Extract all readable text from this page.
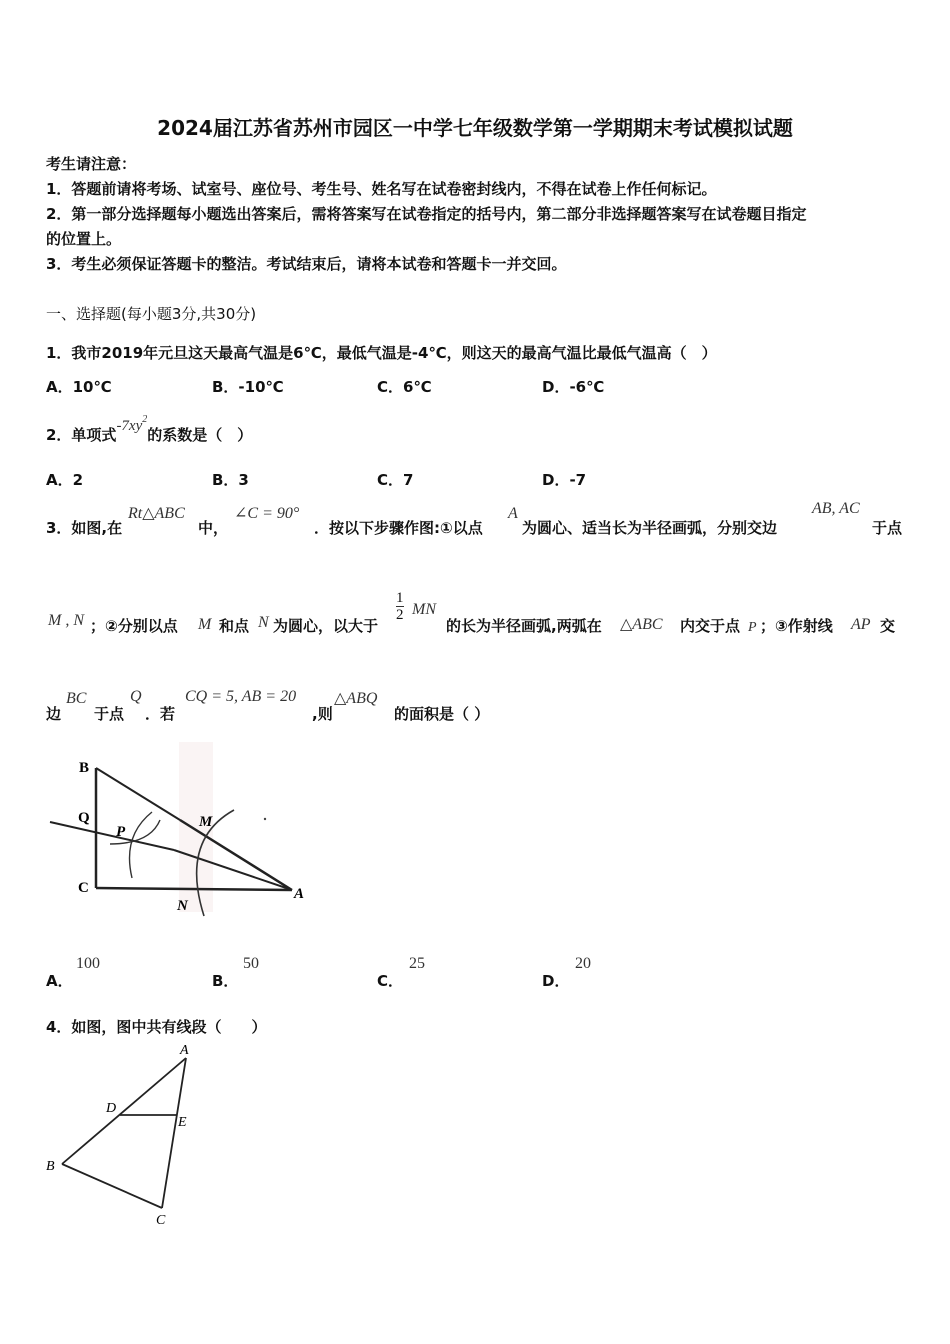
2024届江苏省苏州市园区一中学七年级数学第一学期期末考试模拟试题
考生请注意：
1．答题前请将考场、试室号、座位号、考生号、姓名写在试卷密封线内，不得在试卷上作任何标记。
2．第一部分选择题每小题选出答案后，需将答案写在试卷指定的括号内，第二部分非选择题答案写在试卷题目指定
的位置上。
3．考生必须保证答题卡的整洁。考试结束后，请将本试卷和答题卡一并交回。
一、选择题(每小题3分,共30分)
1．我市2019年元旦这天最高气温是6℃，最低气温是-4℃，则这天的最高气温比最低气温高（　）
A．10℃	B．-10℃	C．6℃	D．-6℃
2．单项式$-7xy^2$的系数是（　）
A．2	B．3	C．7	D．-7
3．如图,在
Rt△ABC
中，
∠C = 90°
．按以下步骤作图:①以点
A
为圆心、适当长为半径画弧，分别交边
AB, AC
于点
M , N ；②分别以点 M 和点 N 为圆心，以大于
$\frac{1}{2}$ MN
的长为半径画弧,两弧在 △ABC 内交于点 P ；③作射线 AP 交
边
BC
于点
Q
．若
CQ = 5, AB = 20
,则
△ABQ
的面积是（ ）
B
Q
P
M
C
N
A
A．
100
B．
50
C．
25
D．
20
4．如图，图中共有线段（　　）
A
D
E
B
C
